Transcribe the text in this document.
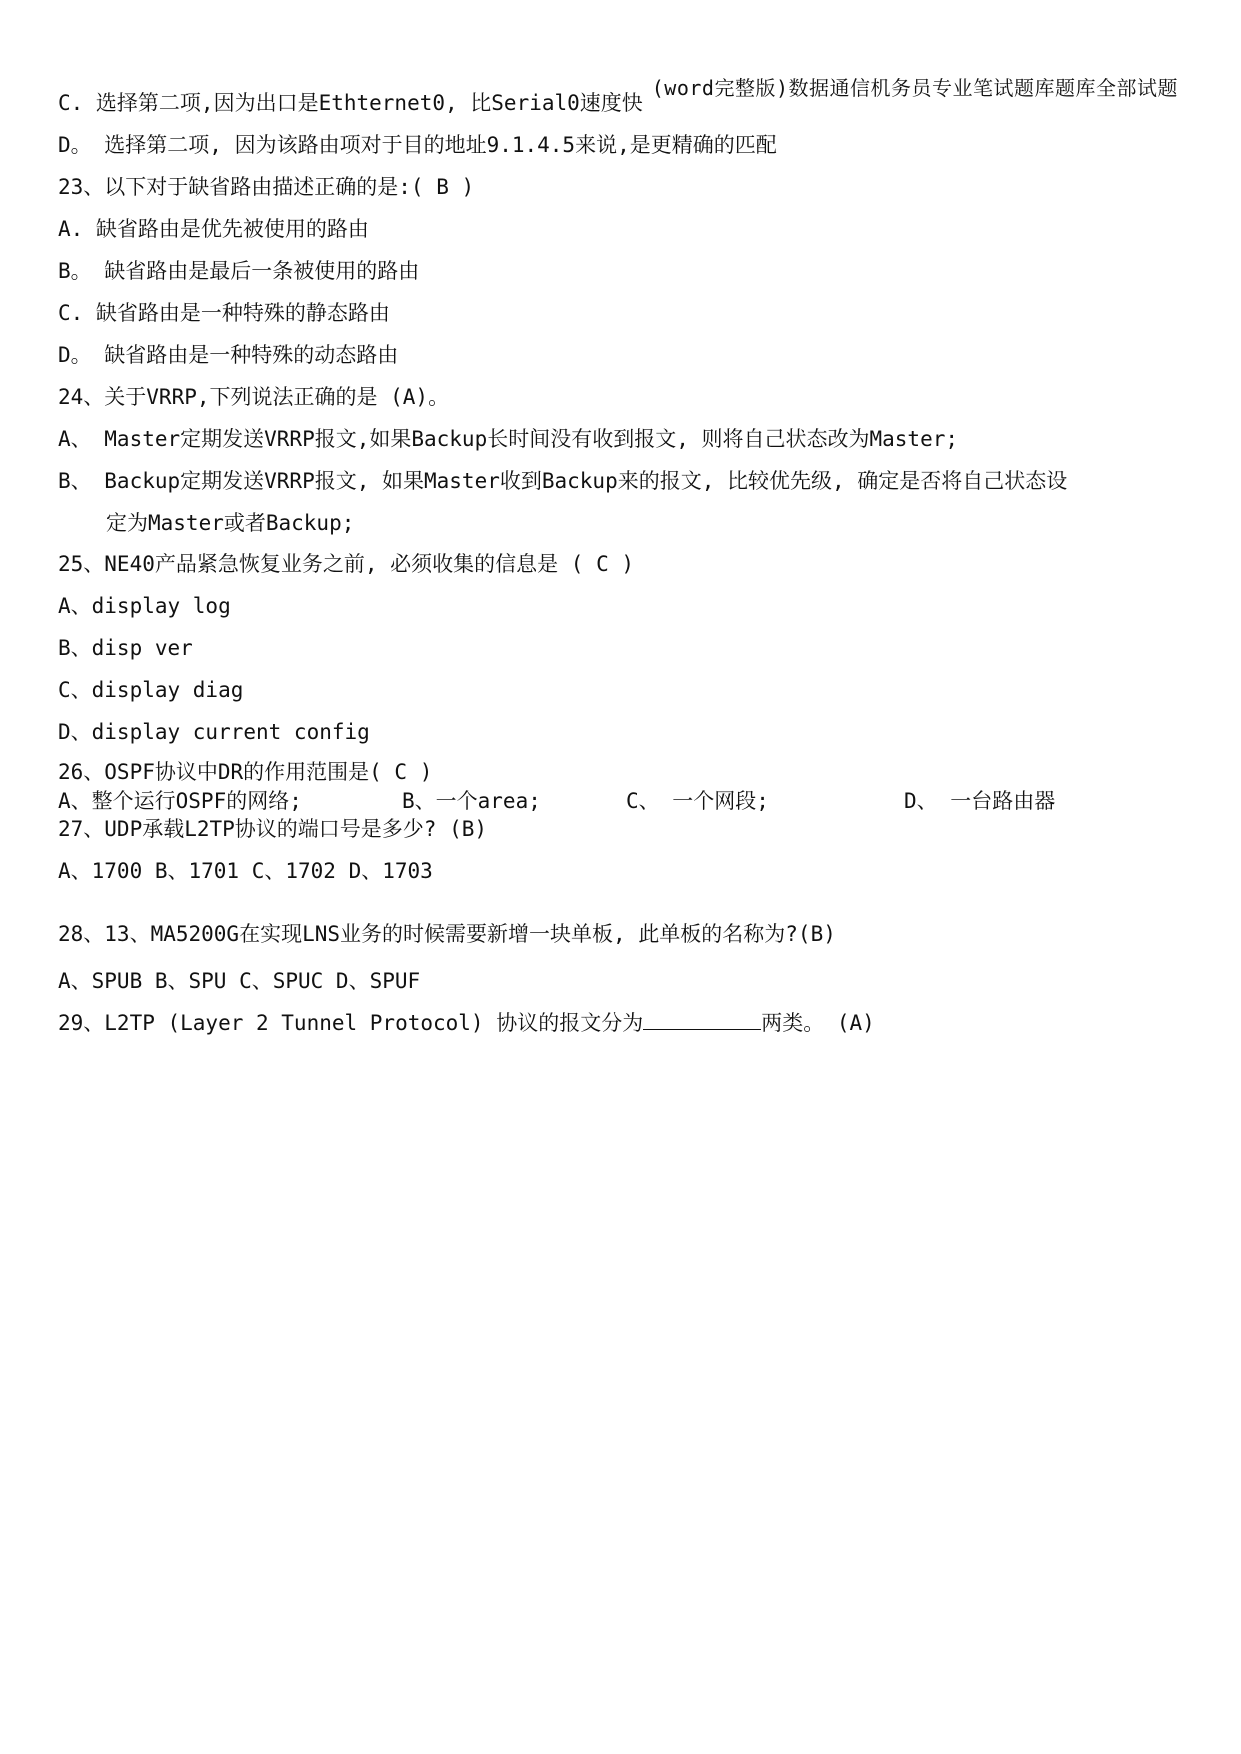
(word完整版)数据通信机务员专业笔试题库题库全部试题
C. 选择第二项,因为出口是Ethternet0, 比Serial0速度快
D。 选择第二项, 因为该路由项对于目的地址9.1.4.5来说,是更精确的匹配
23、以下对于缺省路由描述正确的是:( B )
A. 缺省路由是优先被使用的路由
B。 缺省路由是最后一条被使用的路由
C. 缺省路由是一种特殊的静态路由
D。 缺省路由是一种特殊的动态路由
24、关于VRRP,下列说法正确的是 (A)。
A、 Master定期发送VRRP报文,如果Backup长时间没有收到报文, 则将自己状态改为Master;
B、 Backup定期发送VRRP报文, 如果Master收到Backup来的报文, 比较优先级, 确定是否将自己状态设
定为Master或者Backup;
25、NE40产品紧急恢复业务之前, 必须收集的信息是 ( C )
A、display log
B、disp ver
C、display diag
D、display current config
26、OSPF协议中DR的作用范围是( C )
A、整个运行OSPF的网络;	B、一个area;	C、 一个网段;	D、 一台路由器
27、UDP承载L2TP协议的端口号是多少? (B)
A、1700 B、1701 C、1702 D、1703
28、13、MA5200G在实现LNS业务的时候需要新增一块单板, 此单板的名称为?(B)
A、SPUB B、SPU C、SPUC D、SPUF
29、L2TP (Layer 2 Tunnel Protocol) 协议的报文分为	两类。 (A)
